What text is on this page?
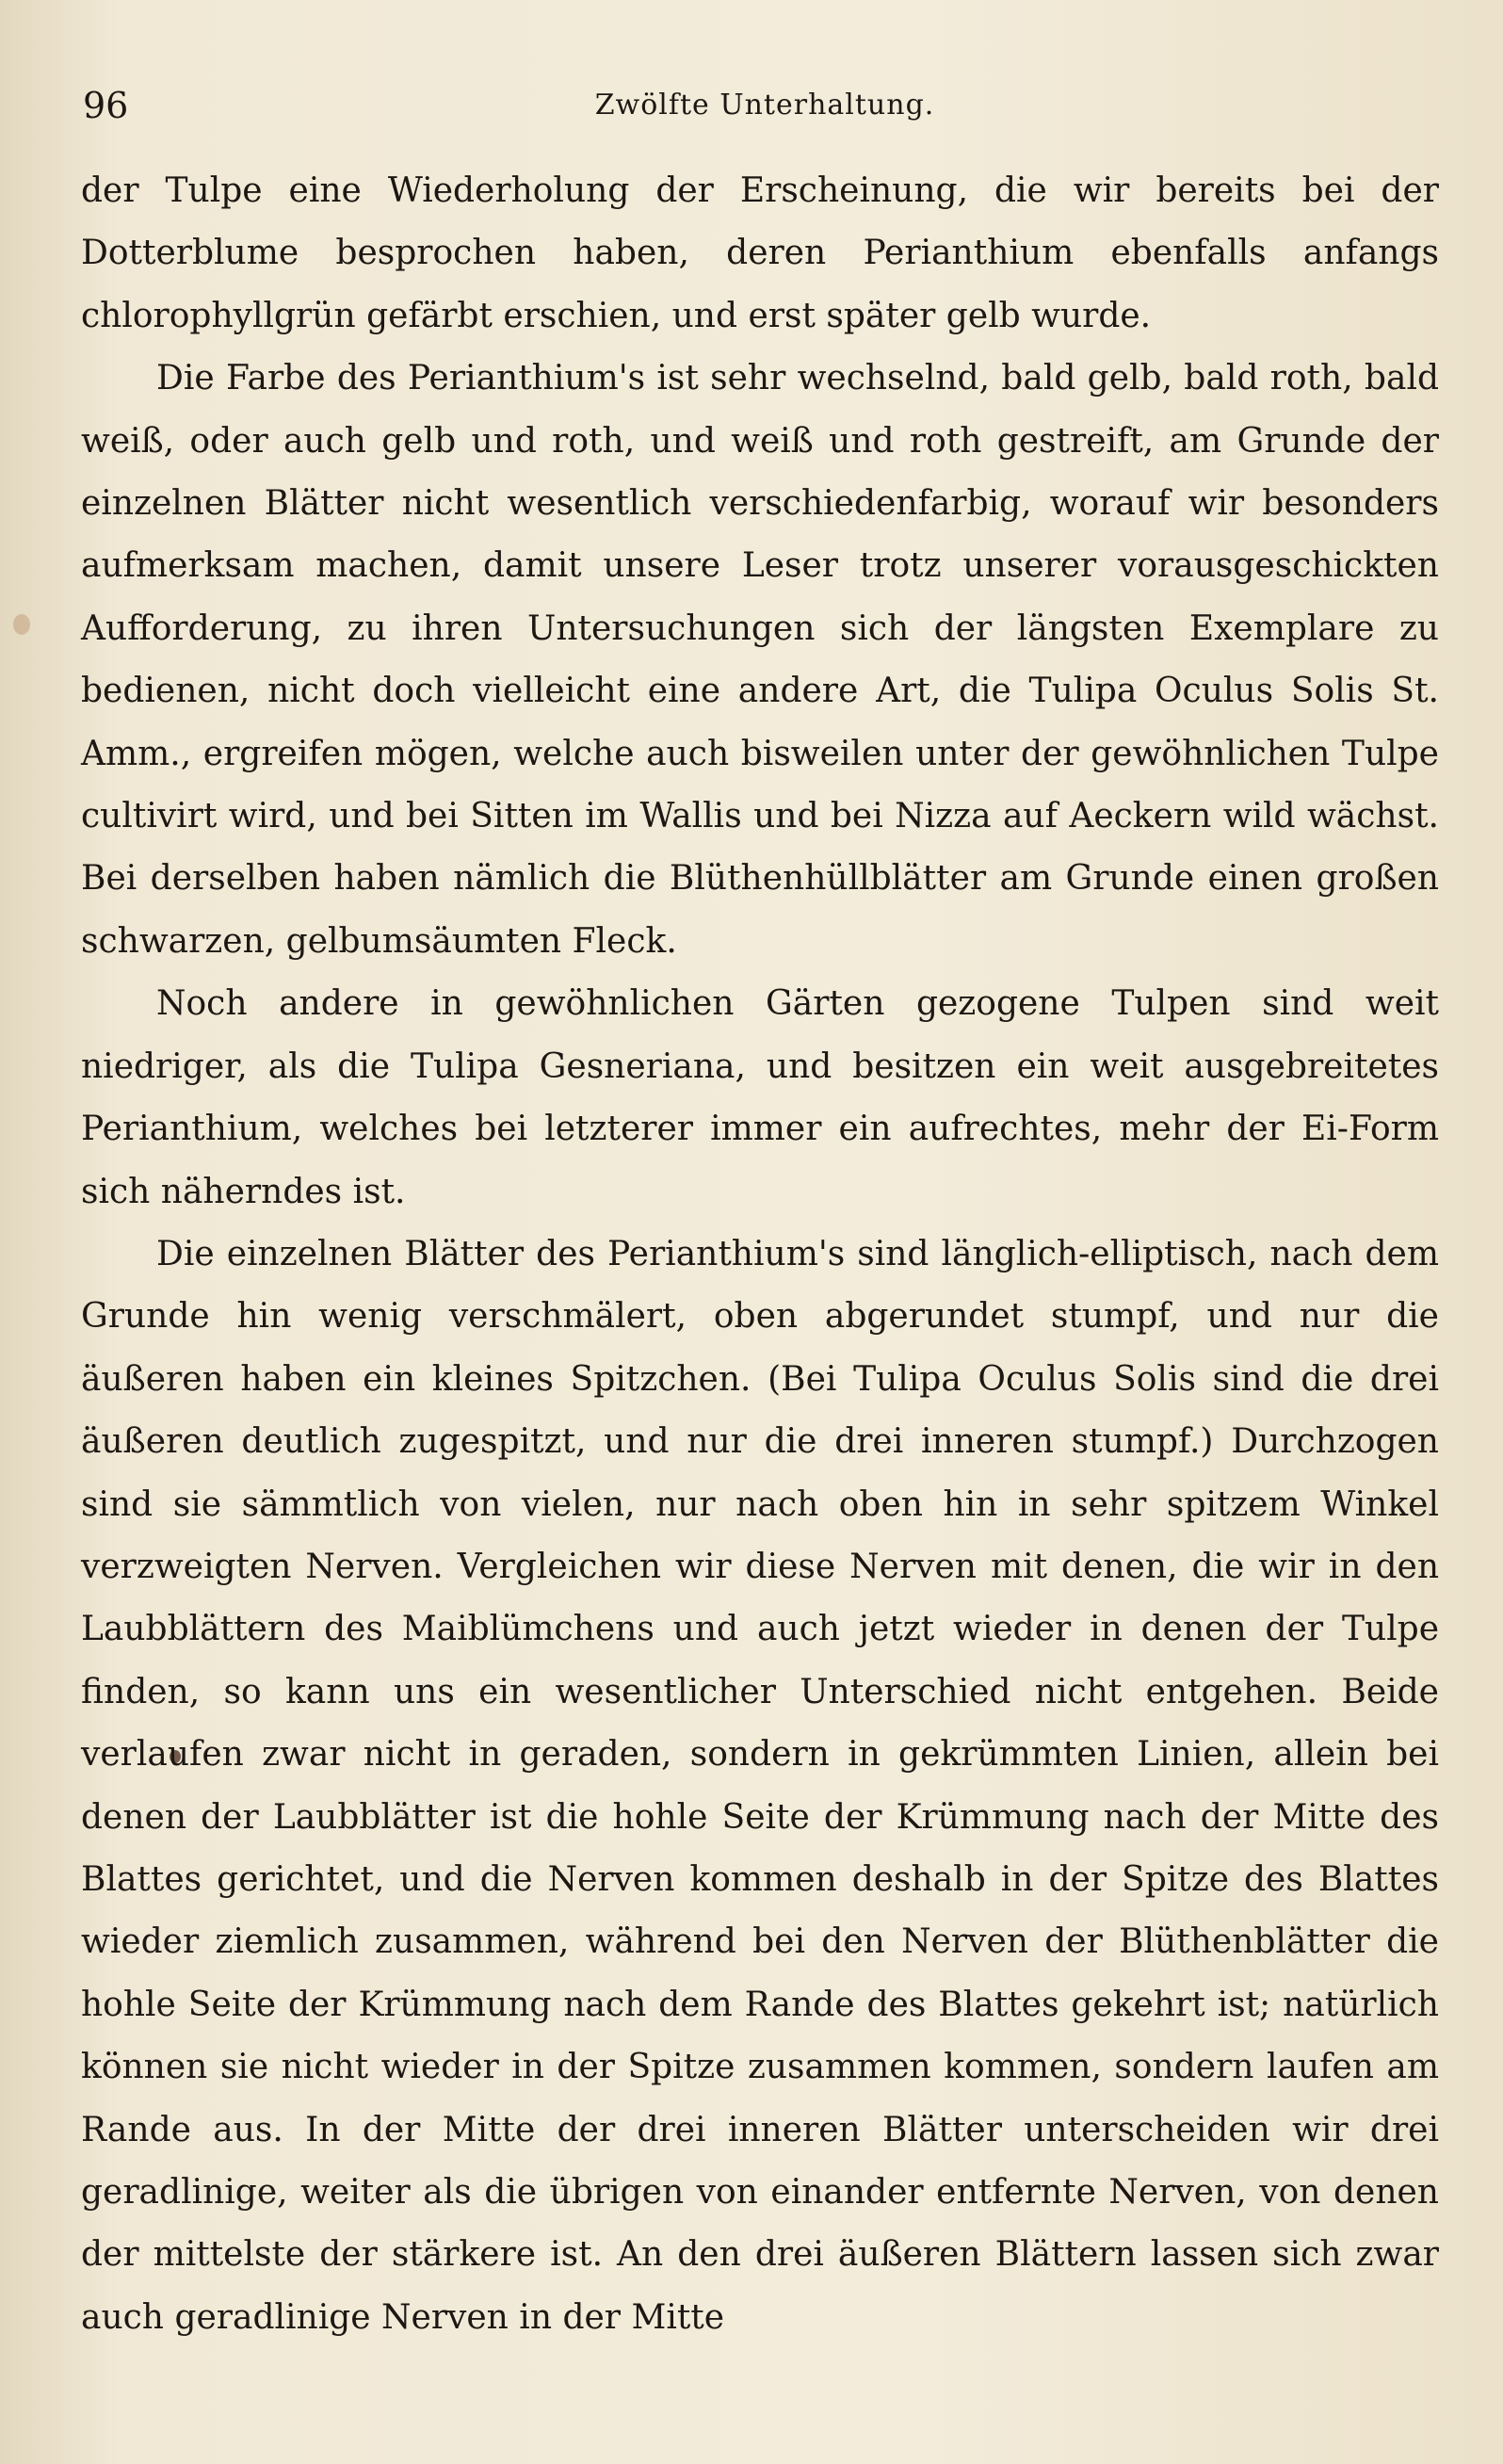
96	Zwölfte Unterhaltung.

der Tulpe eine Wiederholung der Erscheinung, die wir bereits bei der Dotterblume besprochen haben, deren Perianthium ebenfalls anfangs chlorophyllgrün gefärbt erschien, und erst später gelb wurde.

Die Farbe des Perianthium's ist sehr wechselnd, bald gelb, bald roth, bald weiß, oder auch gelb und roth, und weiß und roth gestreift, am Grunde der einzelnen Blätter nicht wesentlich verschiedenfarbig, worauf wir besonders aufmerksam machen, damit unsere Leser trotz unserer vorausgeschickten Aufforderung, zu ihren Untersuchungen sich der längsten Exemplare zu bedienen, nicht doch vielleicht eine andere Art, die Tulipa Oculus Solis St. Amm., ergreifen mögen, welche auch bisweilen unter der gewöhnlichen Tulpe cultivirt wird, und bei Sitten im Wallis und bei Nizza auf Aeckern wild wächst. Bei derselben haben nämlich die Blüthenhüllblätter am Grunde einen großen schwarzen, gelbumsäumten Fleck.

Noch andere in gewöhnlichen Gärten gezogene Tulpen sind weit niedriger, als die Tulipa Gesneriana, und besitzen ein weit ausgebreitetes Perianthium, welches bei letzterer immer ein aufrechtes, mehr der Ei-Form sich näherndes ist.

Die einzelnen Blätter des Perianthium's sind länglich-elliptisch, nach dem Grunde hin wenig verschmälert, oben abgerundet stumpf, und nur die äußeren haben ein kleines Spitzchen. (Bei Tulipa Oculus Solis sind die drei äußeren deutlich zugespitzt, und nur die drei inneren stumpf.) Durchzogen sind sie sämmtlich von vielen, nur nach oben hin in sehr spitzem Winkel verzweigten Nerven. Vergleichen wir diese Nerven mit denen, die wir in den Laubblättern des Maiblümchens und auch jetzt wieder in denen der Tulpe finden, so kann uns ein wesentlicher Unterschied nicht entgehen. Beide verlaufen zwar nicht in geraden, sondern in gekrümmten Linien, allein bei denen der Laubblätter ist die hohle Seite der Krümmung nach der Mitte des Blattes gerichtet, und die Nerven kommen deshalb in der Spitze des Blattes wieder ziemlich zusammen, während bei den Nerven der Blüthenblätter die hohle Seite der Krümmung nach dem Rande des Blattes gekehrt ist; natürlich können sie nicht wieder in der Spitze zusammen kommen, sondern laufen am Rande aus. In der Mitte der drei inneren Blätter unterscheiden wir drei geradlinige, weiter als die übrigen von einander entfernte Nerven, von denen der mittelste der stärkere ist. An den drei äußeren Blättern lassen sich zwar auch geradlinige Nerven in der Mitte
